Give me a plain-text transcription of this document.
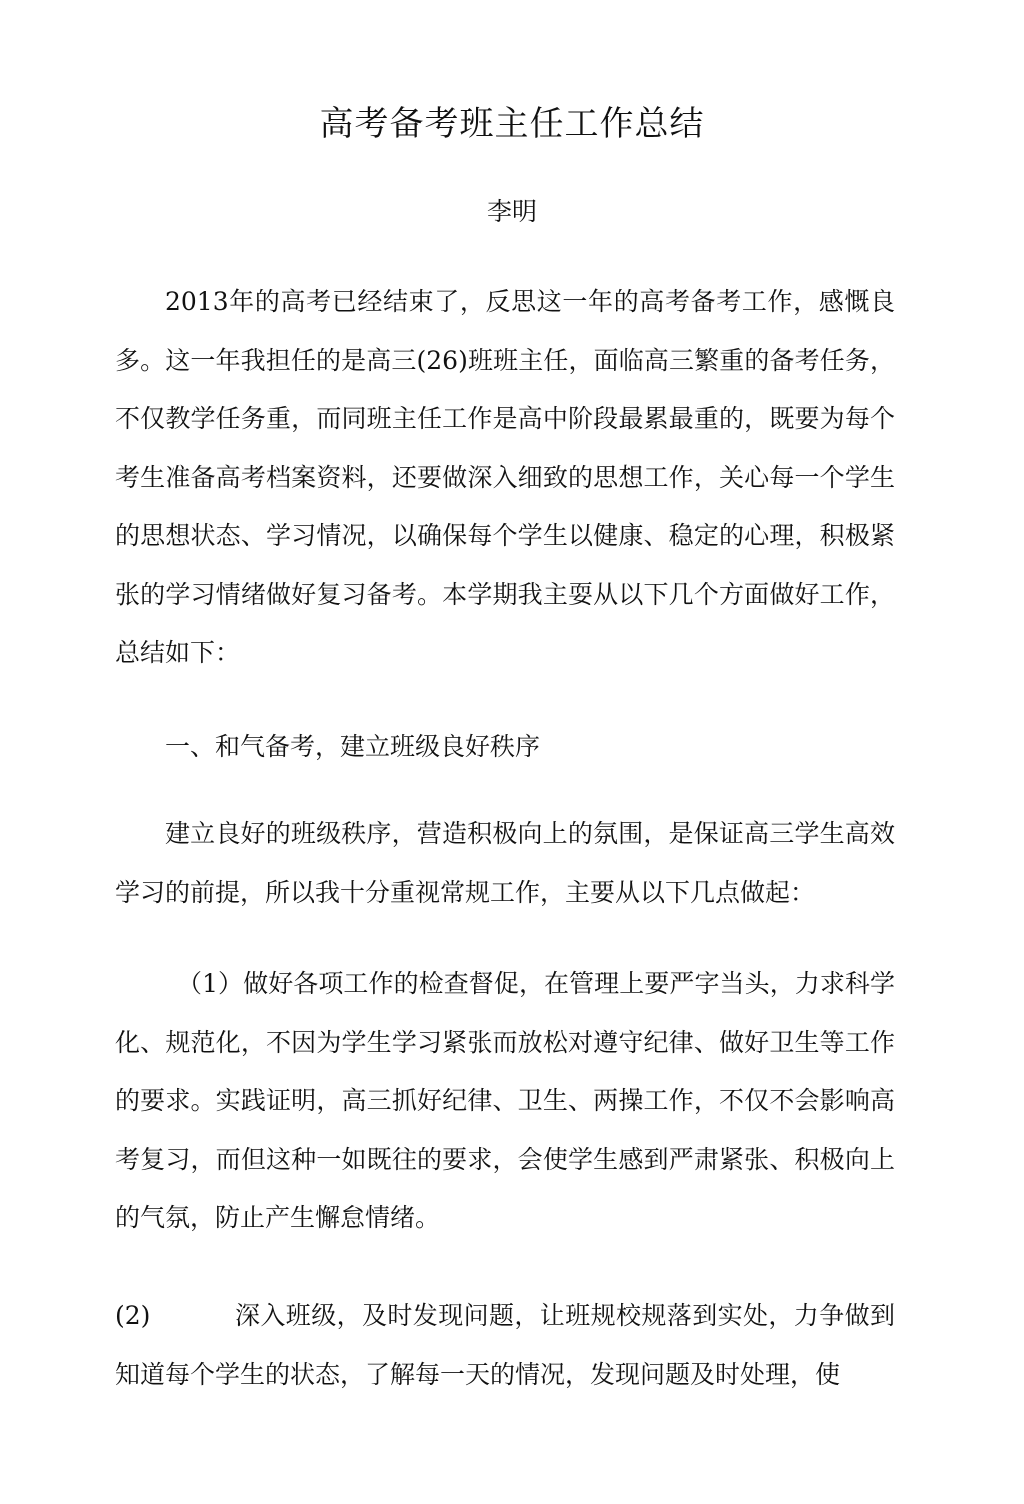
高考备考班主任工作总结
李明

2013年的高考已经结束了，反思这一年的高考备考工作，感慨良多。这一年我担任的是高三(26)班班主任，面临高三繁重的备考任务，不仅教学任务重，而同班主任工作是高中阶段最累最重的，既要为每个考生准备高考档案资料，还要做深入细致的思想工作，关心每一个学生的思想状态、学习情况，以确保每个学生以健康、稳定的心理，积极紧张的学习情绪做好复习备考。本学期我主耍从以下几个方面做好工作，总结如下：

一、和气备考，建立班级良好秩序

建立良好的班级秩序，营造积极向上的氛围，是保证高三学生高效学习的前提，所以我十分重视常规工作，主要从以下几点做起：

（1）做好各项工作的检查督促，在管理上要严字当头，力求科学化、规范化，不因为学生学习紧张而放松对遵守纪律、做好卫生等工作的要求。实践证明，高三抓好纪律、卫生、两操工作，不仅不会影响高考复习，而但这种一如既往的要求，会使学生感到严肃紧张、积极向上的气氛，防止产生懈怠情绪。

(2)	深入班级，及时发现问题，让班规校规落到实处，力争做到知道每个学生的状态，了解每一天的情况，发现问题及时处理，使
